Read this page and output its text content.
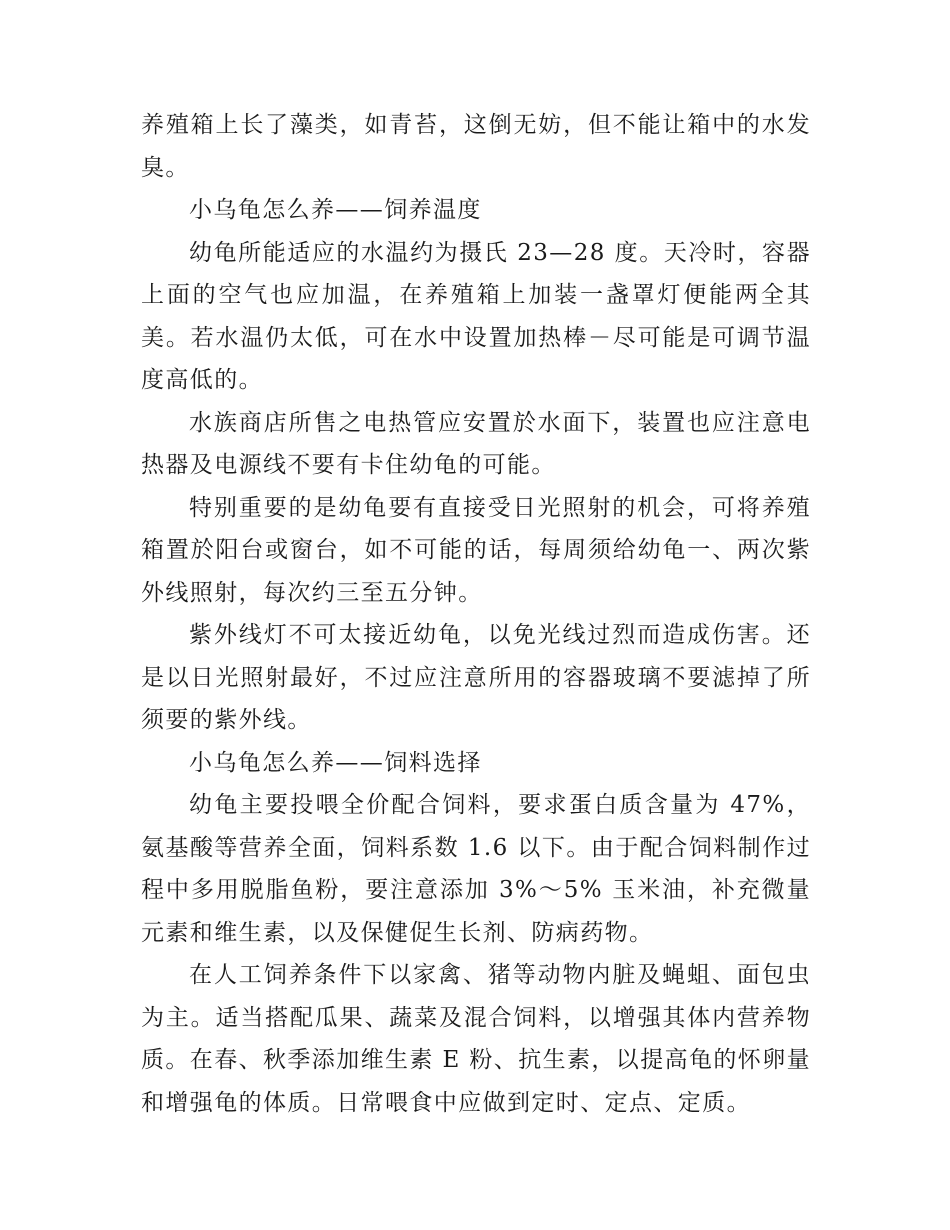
养殖箱上长了藻类，如青苔，这倒无妨，但不能让箱中的水发臭。

小乌龟怎么养——饲养温度

幼龟所能适应的水温约为摄氏 23—28 度。天冷时，容器上面的空气也应加温，在养殖箱上加装一盏罩灯便能两全其美。若水温仍太低，可在水中设置加热棒－尽可能是可调节温度高低的。

水族商店所售之电热管应安置於水面下，装置也应注意电热器及电源线不要有卡住幼龟的可能。

特别重要的是幼龟要有直接受日光照射的机会，可将养殖箱置於阳台或窗台，如不可能的话，每周须给幼龟一、两次紫外线照射，每次约三至五分钟。

紫外线灯不可太接近幼龟，以免光线过烈而造成伤害。还是以日光照射最好，不过应注意所用的容器玻璃不要滤掉了所须要的紫外线。

小乌龟怎么养——饲料选择

幼龟主要投喂全价配合饲料，要求蛋白质含量为 47%，氨基酸等营养全面，饲料系数 1.6 以下。由于配合饲料制作过程中多用脱脂鱼粉，要注意添加 3%～5% 玉米油，补充微量元素和维生素，以及保健促生长剂、防病药物。

在人工饲养条件下以家禽、猪等动物内脏及蝇蛆、面包虫为主。适当搭配瓜果、蔬菜及混合饲料，以增强其体内营养物质。在春、秋季添加维生素 E 粉、抗生素，以提高龟的怀卵量和增强龟的体质。日常喂食中应做到定时、定点、定质。
